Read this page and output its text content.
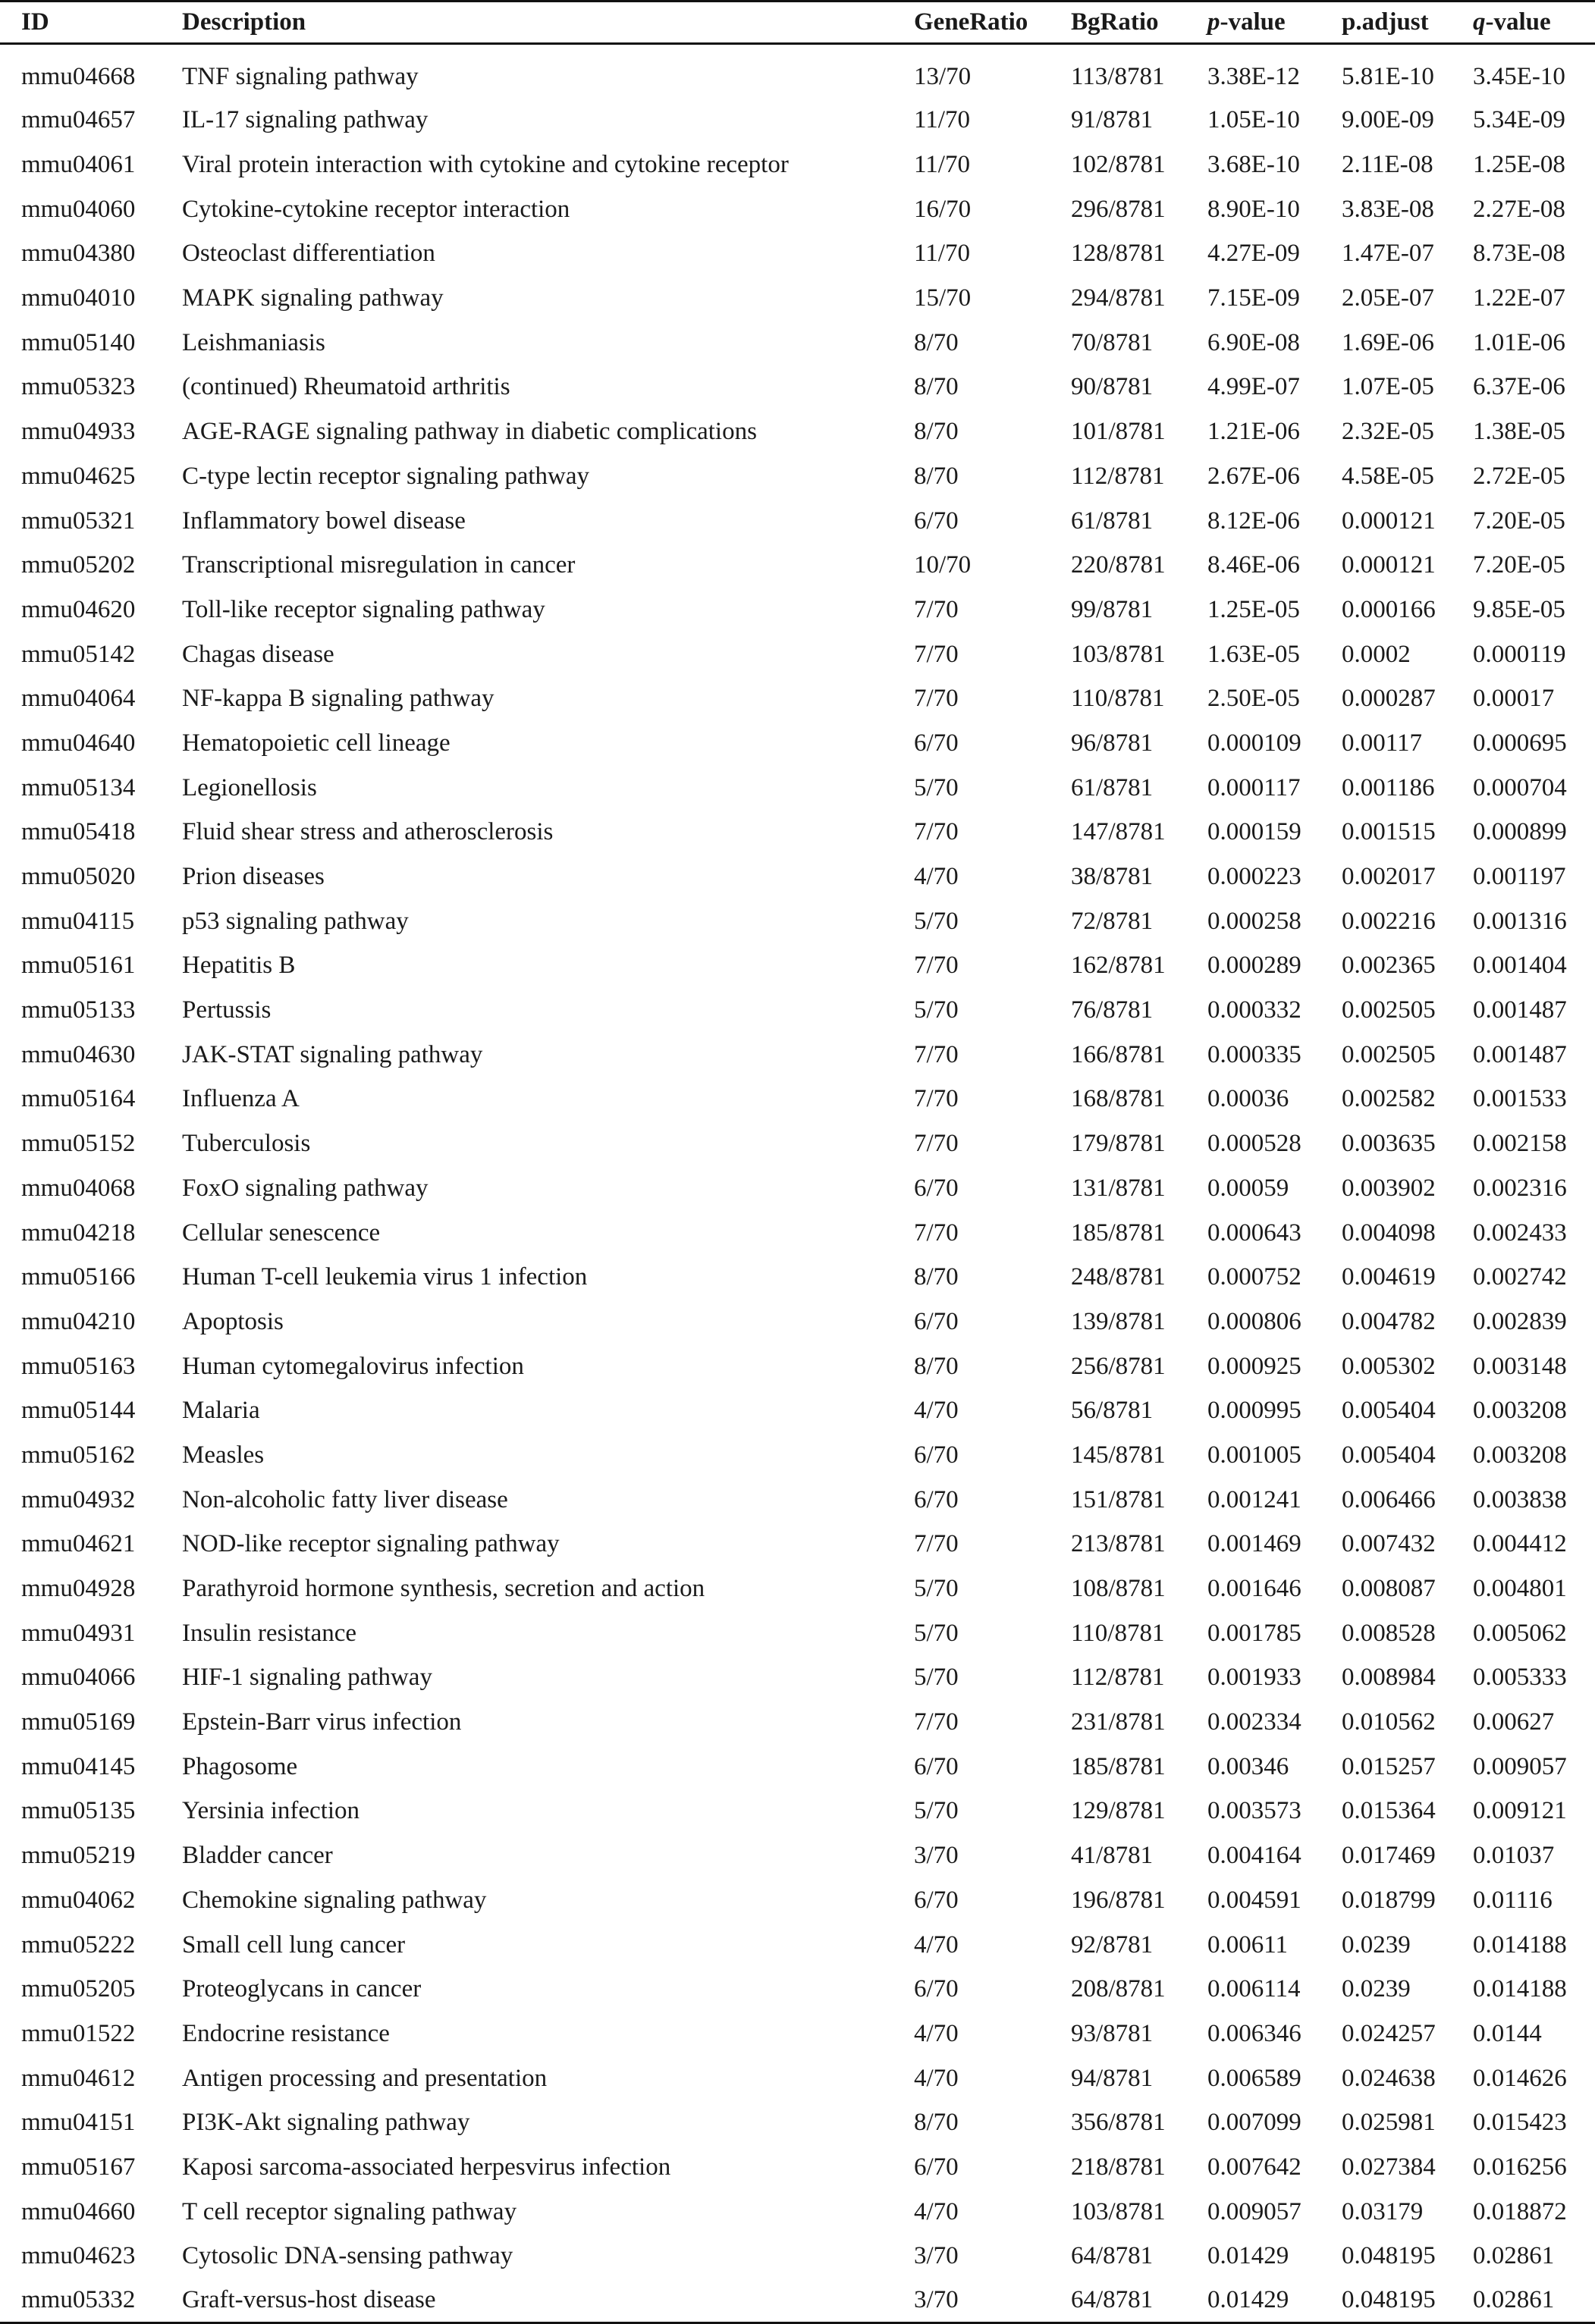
ID	Description	GeneRatio	BgRatio	p-value	p.adjust	q-value
mmu04668	TNF signaling pathway	13/70	113/8781	3.38E-12	5.81E-10	3.45E-10
mmu04657	IL-17 signaling pathway	11/70	91/8781	1.05E-10	9.00E-09	5.34E-09
mmu04061	Viral protein interaction with cytokine and cytokine receptor	11/70	102/8781	3.68E-10	2.11E-08	1.25E-08
mmu04060	Cytokine-cytokine receptor interaction	16/70	296/8781	8.90E-10	3.83E-08	2.27E-08
mmu04380	Osteoclast differentiation	11/70	128/8781	4.27E-09	1.47E-07	8.73E-08
mmu04010	MAPK signaling pathway	15/70	294/8781	7.15E-09	2.05E-07	1.22E-07
mmu05140	Leishmaniasis	8/70	70/8781	6.90E-08	1.69E-06	1.01E-06
mmu05323	(continued) Rheumatoid arthritis	8/70	90/8781	4.99E-07	1.07E-05	6.37E-06
mmu04933	AGE-RAGE signaling pathway in diabetic complications	8/70	101/8781	1.21E-06	2.32E-05	1.38E-05
mmu04625	C-type lectin receptor signaling pathway	8/70	112/8781	2.67E-06	4.58E-05	2.72E-05
mmu05321	Inflammatory bowel disease	6/70	61/8781	8.12E-06	0.000121	7.20E-05
mmu05202	Transcriptional misregulation in cancer	10/70	220/8781	8.46E-06	0.000121	7.20E-05
mmu04620	Toll-like receptor signaling pathway	7/70	99/8781	1.25E-05	0.000166	9.85E-05
mmu05142	Chagas disease	7/70	103/8781	1.63E-05	0.0002	0.000119
mmu04064	NF-kappa B signaling pathway	7/70	110/8781	2.50E-05	0.000287	0.00017
mmu04640	Hematopoietic cell lineage	6/70	96/8781	0.000109	0.00117	0.000695
mmu05134	Legionellosis	5/70	61/8781	0.000117	0.001186	0.000704
mmu05418	Fluid shear stress and atherosclerosis	7/70	147/8781	0.000159	0.001515	0.000899
mmu05020	Prion diseases	4/70	38/8781	0.000223	0.002017	0.001197
mmu04115	p53 signaling pathway	5/70	72/8781	0.000258	0.002216	0.001316
mmu05161	Hepatitis B	7/70	162/8781	0.000289	0.002365	0.001404
mmu05133	Pertussis	5/70	76/8781	0.000332	0.002505	0.001487
mmu04630	JAK-STAT signaling pathway	7/70	166/8781	0.000335	0.002505	0.001487
mmu05164	Influenza A	7/70	168/8781	0.00036	0.002582	0.001533
mmu05152	Tuberculosis	7/70	179/8781	0.000528	0.003635	0.002158
mmu04068	FoxO signaling pathway	6/70	131/8781	0.00059	0.003902	0.002316
mmu04218	Cellular senescence	7/70	185/8781	0.000643	0.004098	0.002433
mmu05166	Human T-cell leukemia virus 1 infection	8/70	248/8781	0.000752	0.004619	0.002742
mmu04210	Apoptosis	6/70	139/8781	0.000806	0.004782	0.002839
mmu05163	Human cytomegalovirus infection	8/70	256/8781	0.000925	0.005302	0.003148
mmu05144	Malaria	4/70	56/8781	0.000995	0.005404	0.003208
mmu05162	Measles	6/70	145/8781	0.001005	0.005404	0.003208
mmu04932	Non-alcoholic fatty liver disease	6/70	151/8781	0.001241	0.006466	0.003838
mmu04621	NOD-like receptor signaling pathway	7/70	213/8781	0.001469	0.007432	0.004412
mmu04928	Parathyroid hormone synthesis, secretion and action	5/70	108/8781	0.001646	0.008087	0.004801
mmu04931	Insulin resistance	5/70	110/8781	0.001785	0.008528	0.005062
mmu04066	HIF-1 signaling pathway	5/70	112/8781	0.001933	0.008984	0.005333
mmu05169	Epstein-Barr virus infection	7/70	231/8781	0.002334	0.010562	0.00627
mmu04145	Phagosome	6/70	185/8781	0.00346	0.015257	0.009057
mmu05135	Yersinia infection	5/70	129/8781	0.003573	0.015364	0.009121
mmu05219	Bladder cancer	3/70	41/8781	0.004164	0.017469	0.01037
mmu04062	Chemokine signaling pathway	6/70	196/8781	0.004591	0.018799	0.01116
mmu05222	Small cell lung cancer	4/70	92/8781	0.00611	0.0239	0.014188
mmu05205	Proteoglycans in cancer	6/70	208/8781	0.006114	0.0239	0.014188
mmu01522	Endocrine resistance	4/70	93/8781	0.006346	0.024257	0.0144
mmu04612	Antigen processing and presentation	4/70	94/8781	0.006589	0.024638	0.014626
mmu04151	PI3K-Akt signaling pathway	8/70	356/8781	0.007099	0.025981	0.015423
mmu05167	Kaposi sarcoma-associated herpesvirus infection	6/70	218/8781	0.007642	0.027384	0.016256
mmu04660	T cell receptor signaling pathway	4/70	103/8781	0.009057	0.03179	0.018872
mmu04623	Cytosolic DNA-sensing pathway	3/70	64/8781	0.01429	0.048195	0.02861
mmu05332	Graft-versus-host disease	3/70	64/8781	0.01429	0.048195	0.02861
